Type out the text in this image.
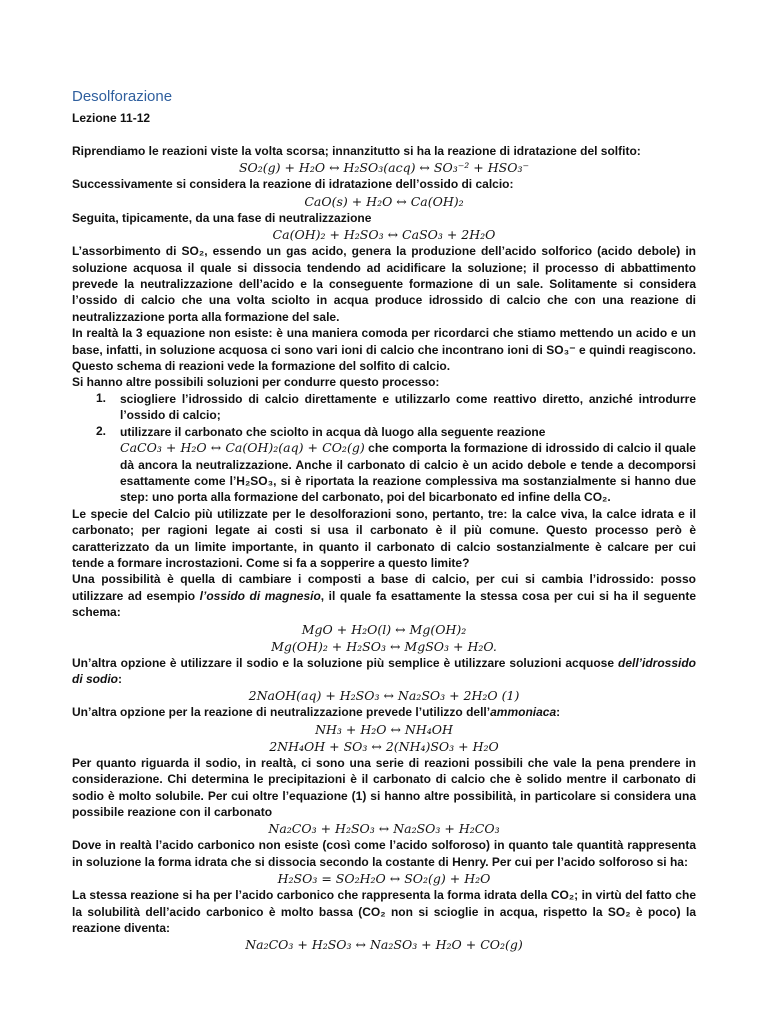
Desolforazione
Lezione 11-12

Riprendiamo le reazioni viste la volta scorsa; innanzitutto si ha la reazione di idratazione del solfito:

SO₂(g) + H₂O ↔ H₂SO₃(acq) ↔ SO₃⁻² + HSO₃⁻

Successivamente si considera la reazione di idratazione dell’ossido di calcio:

CaO(s) + H₂O ↔ Ca(OH)₂

Seguita, tipicamente, da una fase di neutralizzazione

Ca(OH)₂ + H₂SO₃ ↔ CaSO₃ + 2H₂O

L’assorbimento di SO₂, essendo un gas acido, genera la produzione dell’acido solforico (acido debole) in soluzione acquosa il quale si dissocia tendendo ad acidificare la soluzione; il processo di abbattimento prevede la neutralizzazione dell’acido e la conseguente formazione di un sale. Solitamente si considera l’ossido di calcio che una volta sciolto in acqua produce idrossido di calcio che con una reazione di neutralizzazione porta alla formazione del sale.

In realtà la 3 equazione non esiste: è una maniera comoda per ricordarci che stiamo mettendo un acido e un base, infatti, in soluzione acquosa ci sono vari ioni di calcio che incontrano ioni di SO₃⁻ e quindi reagiscono. Questo schema di reazioni vede la formazione del solfito di calcio.

Si hanno altre possibili soluzioni per condurre questo processo:

1. sciogliere l’idrossido di calcio direttamente e utilizzarlo come reattivo diretto, anziché introdurre l’ossido di calcio;

2. utilizzare il carbonato che sciolto in acqua dà luogo alla seguente reazione

CaCO₃ + H₂O ↔ Ca(OH)₂(aq) + CO₂(g) che comporta la formazione di idrossido di calcio il quale dà ancora la neutralizzazione. Anche il carbonato di calcio è un acido debole e tende a decomporsi esattamente come l’H₂SO₃, si è riportata la reazione complessiva ma sostanzialmente si hanno due step: uno porta alla formazione del carbonato, poi del bicarbonato ed infine della CO₂.

Le specie del Calcio più utilizzate per le desolforazioni sono, pertanto, tre: la calce viva, la calce idrata e il carbonato; per ragioni legate ai costi si usa il carbonato è il più comune. Questo processo però è caratterizzato da un limite importante, in quanto il carbonato di calcio sostanzialmente è calcare per cui tende a formare incrostazioni. Come si fa a sopperire a questo limite?

Una possibilità è quella di cambiare i composti a base di calcio, per cui si cambia l’idrossido: posso utilizzare ad esempio l’ossido di magnesio, il quale fa esattamente la stessa cosa per cui si ha il seguente schema:

MgO + H₂O(l) ↔ Mg(OH)₂

Mg(OH)₂ + H₂SO₃ ↔ MgSO₃ + H₂O.

Un’altra opzione è utilizzare il sodio e la soluzione più semplice è utilizzare soluzioni acquose dell’idrossido di sodio:

2NaOH(aq) + H₂SO₃ ↔ Na₂SO₃ + 2H₂O (1)

Un’altra opzione per la reazione di neutralizzazione prevede l’utilizzo dell’ammoniaca:

NH₃ + H₂O ↔ NH₄OH

2NH₄OH + SO₃ ↔ 2(NH₄)SO₃ + H₂O

Per quanto riguarda il sodio, in realtà, ci sono una serie di reazioni possibili che vale la pena prendere in considerazione. Chi determina le precipitazioni è il carbonato di calcio che è solido mentre il carbonato di sodio è molto solubile. Per cui oltre l’equazione (1) si hanno altre possibilità, in particolare si considera una possibile reazione con il carbonato

Na₂CO₃ + H₂SO₃ ↔ Na₂SO₃ + H₂CO₃

Dove in realtà l’acido carbonico non esiste (così come l’acido solforoso) in quanto tale quantità rappresenta in soluzione la forma idrata che si dissocia secondo la costante di Henry. Per cui per l’acido solforoso si ha:

H₂SO₃ = SO₂H₂O ↔ SO₂(g) + H₂O

La stessa reazione si ha per l’acido carbonico che rappresenta la forma idrata della CO₂; in virtù del fatto che la solubilità dell’acido carbonico è molto bassa (CO₂ non si scioglie in acqua, rispetto la SO₂ è poco) la reazione diventa:

Na₂CO₃ + H₂SO₃ ↔ Na₂SO₃ + H₂O + CO₂(g)
